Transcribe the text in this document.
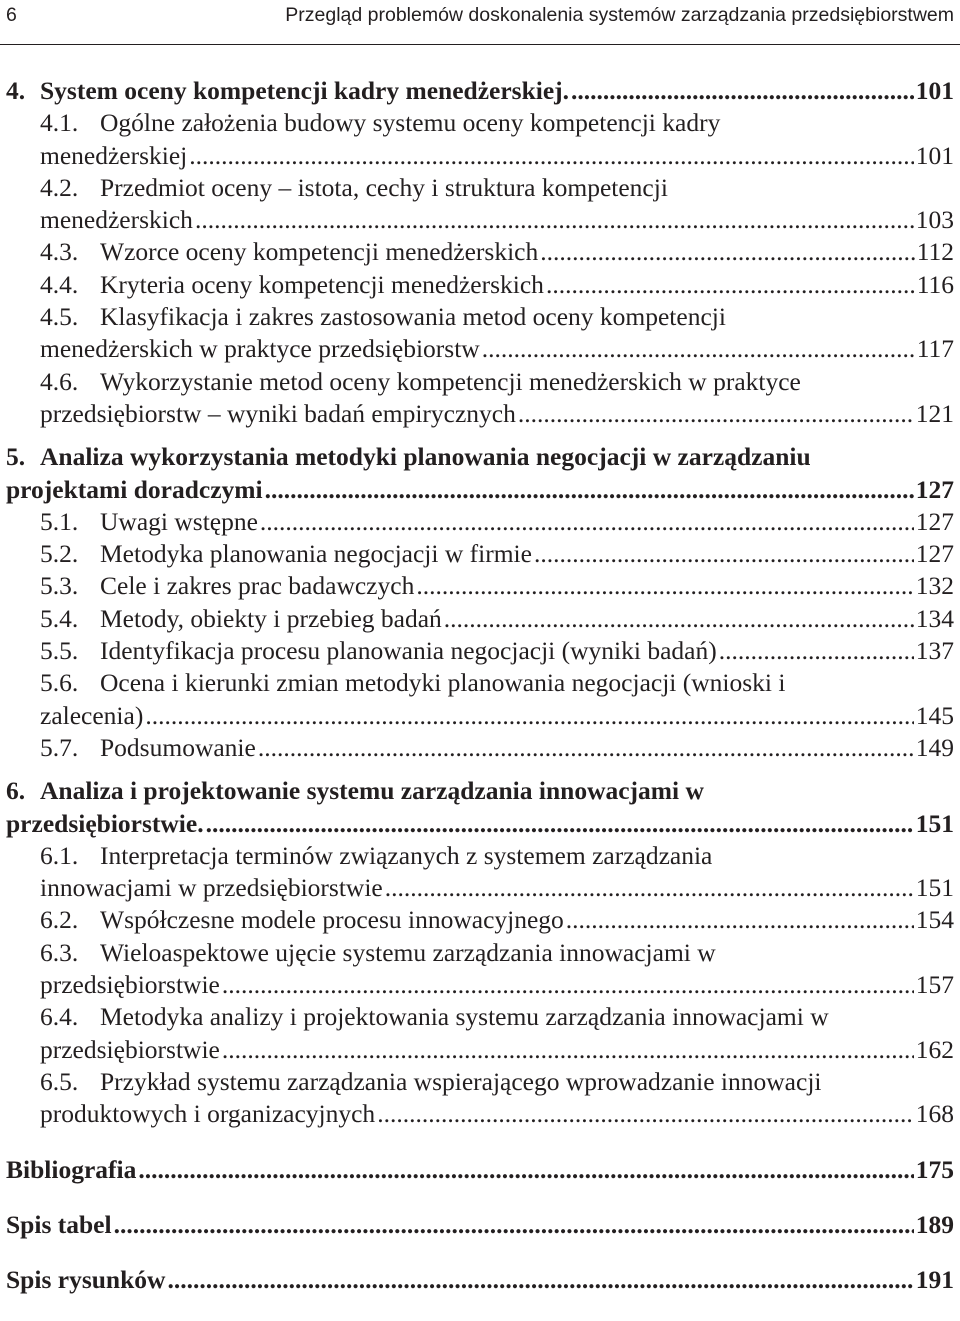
6	Przegląd problemów doskonalenia systemów zarządzania przedsiębiorstwem
4. System oceny kompetencji kadry menedżerskiej. .....	101
4.1. Ogólne założenia budowy systemu oceny kompetencji kadry
menedżerskiej .....	101
4.2. Przedmiot oceny – istota, cechy i struktura kompetencji
menedżerskich .....	103
4.3. Wzorce oceny kompetencji menedżerskich .....	112
4.4. Kryteria oceny kompetencji menedżerskich .....	116
4.5. Klasyfikacja i zakres zastosowania metod oceny kompetencji
menedżerskich w praktyce przedsiębiorstw .....	117
4.6. Wykorzystanie metod oceny kompetencji menedżerskich w praktyce
przedsiębiorstw – wyniki badań empirycznych .....	121
5. Analiza wykorzystania metodyki planowania negocjacji w zarządzaniu
projektami doradczymi .....	127
5.1. Uwagi wstępne .....	127
5.2. Metodyka planowania negocjacji w firmie .....	127
5.3. Cele i zakres prac badawczych .....	132
5.4. Metody, obiekty i przebieg badań .....	134
5.5. Identyfikacja procesu planowania negocjacji (wyniki badań) .....	137
5.6. Ocena i kierunki zmian metodyki planowania negocjacji (wnioski i
zalecenia) .....	145
5.7. Podsumowanie .....	149
6. Analiza i projektowanie systemu zarządzania innowacjami w
przedsiębiorstwie. .....	151
6.1. Interpretacja terminów związanych z systemem zarządzania
innowacjami w przedsiębiorstwie .....	151
6.2. Współczesne modele procesu innowacyjnego .....	154
6.3. Wieloaspektowe ujęcie systemu zarządzania innowacjami w
przedsiębiorstwie .....	157
6.4. Metodyka analizy i projektowania systemu zarządzania innowacjami w
przedsiębiorstwie .....	162
6.5. Przykład systemu zarządzania wspierającego wprowadzanie innowacji
produktowych i organizacyjnych .....	168
Bibliografia .....	175
Spis tabel .....	189
Spis rysunków .....	191
